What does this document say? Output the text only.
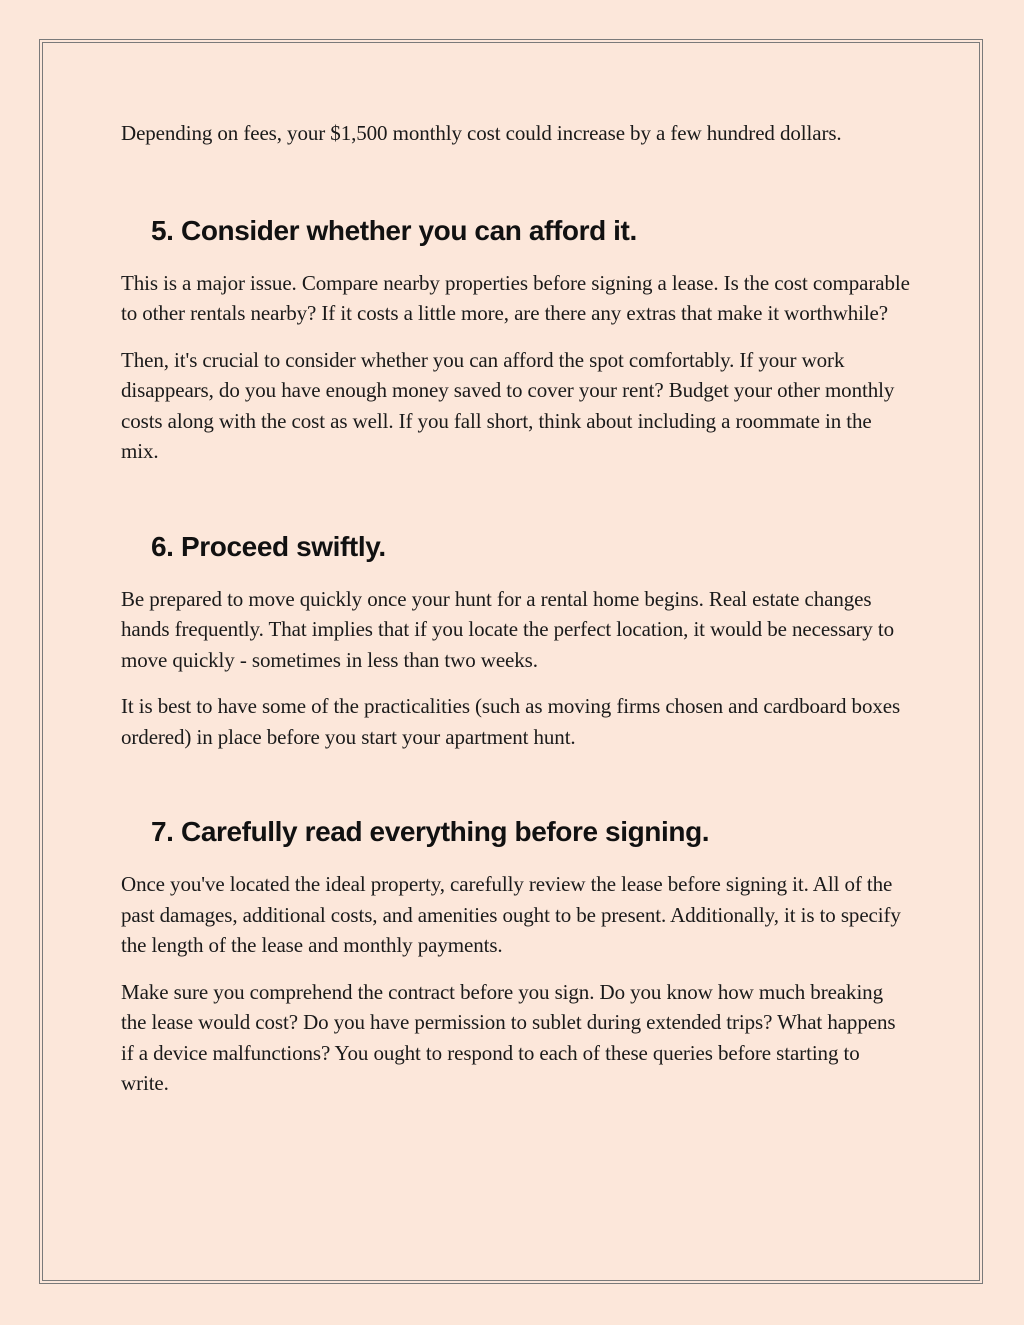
Depending on fees, your $1,500 monthly cost could increase by a few hundred dollars.

5. Consider whether you can afford it.

This is a major issue. Compare nearby properties before signing a lease. Is the cost comparable to other rentals nearby? If it costs a little more, are there any extras that make it worthwhile?

Then, it's crucial to consider whether you can afford the spot comfortably. If your work disappears, do you have enough money saved to cover your rent? Budget your other monthly costs along with the cost as well. If you fall short, think about including a roommate in the mix.

6. Proceed swiftly.

Be prepared to move quickly once your hunt for a rental home begins. Real estate changes hands frequently. That implies that if you locate the perfect location, it would be necessary to move quickly - sometimes in less than two weeks.

It is best to have some of the practicalities (such as moving firms chosen and cardboard boxes ordered) in place before you start your apartment hunt.

7. Carefully read everything before signing.

Once you've located the ideal property, carefully review the lease before signing it. All of the past damages, additional costs, and amenities ought to be present. Additionally, it is to specify the length of the lease and monthly payments.

Make sure you comprehend the contract before you sign. Do you know how much breaking the lease would cost? Do you have permission to sublet during extended trips? What happens if a device malfunctions? You ought to respond to each of these queries before starting to write.
